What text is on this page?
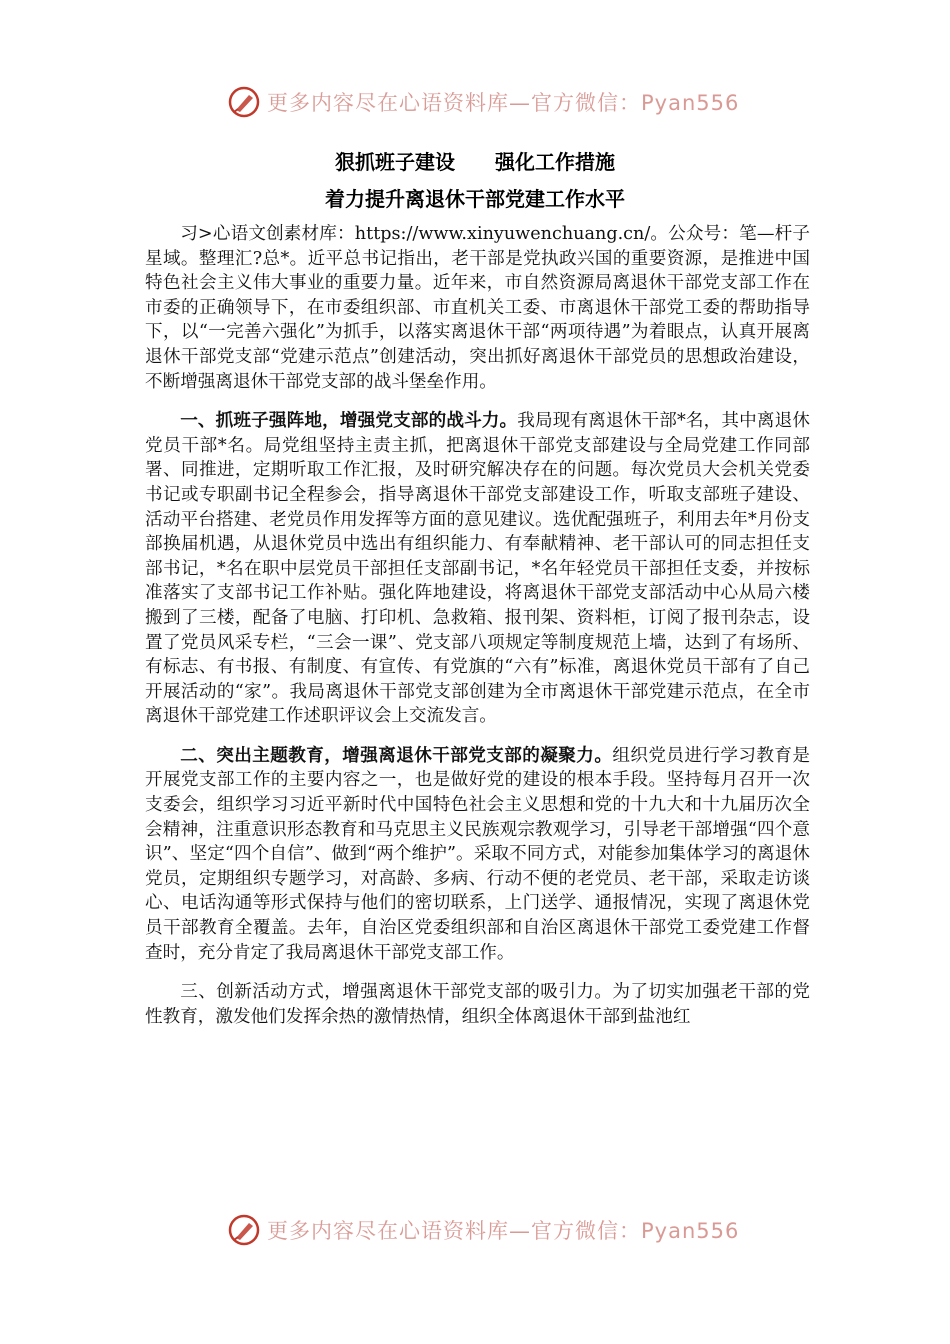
更多内容尽在心语资料库—官方微信：Pyan556
狠抓班子建设　　强化工作措施
着力提升离退休干部党建工作水平

习>心语文创素材库：https://www.xinyuwenchuang.cn/。公众号：笔—杆子星域。整理汇?总*。近平总书记指出，老干部是党执政兴国的重要资源，是推进中国特色社会主义伟大事业的重要力量。近年来，市自然资源局离退休干部党支部工作在市委的正确领导下，在市委组织部、市直机关工委、市离退休干部党工委的帮助指导下，以“一完善六强化”为抓手，以落实离退休干部“两项待遇”为着眼点，认真开展离退休干部党支部“党建示范点”创建活动，突出抓好离退休干部党员的思想政治建设，不断增强离退休干部党支部的战斗堡垒作用。

一、抓班子强阵地，增强党支部的战斗力。我局现有离退休干部*名，其中离退休党员干部*名。局党组坚持主责主抓，把离退休干部党支部建设与全局党建工作同部署、同推进，定期听取工作汇报，及时研究解决存在的问题。每次党员大会机关党委书记或专职副书记全程参会，指导离退休干部党支部建设工作，听取支部班子建设、活动平台搭建、老党员作用发挥等方面的意见建议。选优配强班子，利用去年*月份支部换届机遇，从退休党员中选出有组织能力、有奉献精神、老干部认可的同志担任支部书记，*名在职中层党员干部担任支部副书记，*名年轻党员干部担任支委，并按标准落实了支部书记工作补贴。强化阵地建设，将离退休干部党支部活动中心从局六楼搬到了三楼，配备了电脑、打印机、急救箱、报刊架、资料柜，订阅了报刊杂志，设置了党员风采专栏，“三会一课”、党支部八项规定等制度规范上墙，达到了有场所、有标志、有书报、有制度、有宣传、有党旗的“六有”标准，离退休党员干部有了自己开展活动的“家”。我局离退休干部党支部创建为全市离退休干部党建示范点，在全市离退休干部党建工作述职评议会上交流发言。

二、突出主题教育，增强离退休干部党支部的凝聚力。组织党员进行学习教育是开展党支部工作的主要内容之一，也是做好党的建设的根本手段。坚持每月召开一次支委会，组织学习习近平新时代中国特色社会主义思想和党的十九大和十九届历次全会精神，注重意识形态教育和马克思主义民族观宗教观学习，引导老干部增强“四个意识”、坚定“四个自信”、做到“两个维护”。采取不同方式，对能参加集体学习的离退休党员，定期组织专题学习，对高龄、多病、行动不便的老党员、老干部，采取走访谈心、电话沟通等形式保持与他们的密切联系，上门送学、通报情况，实现了离退休党员干部教育全覆盖。去年，自治区党委组织部和自治区离退休干部党工委党建工作督查时，充分肯定了我局离退休干部党支部工作。

三、创新活动方式，增强离退休干部党支部的吸引力。为了切实加强老干部的党性教育，激发他们发挥余热的激情热情，组织全体离退休干部到盐池红

更多内容尽在心语资料库—官方微信：Pyan556
